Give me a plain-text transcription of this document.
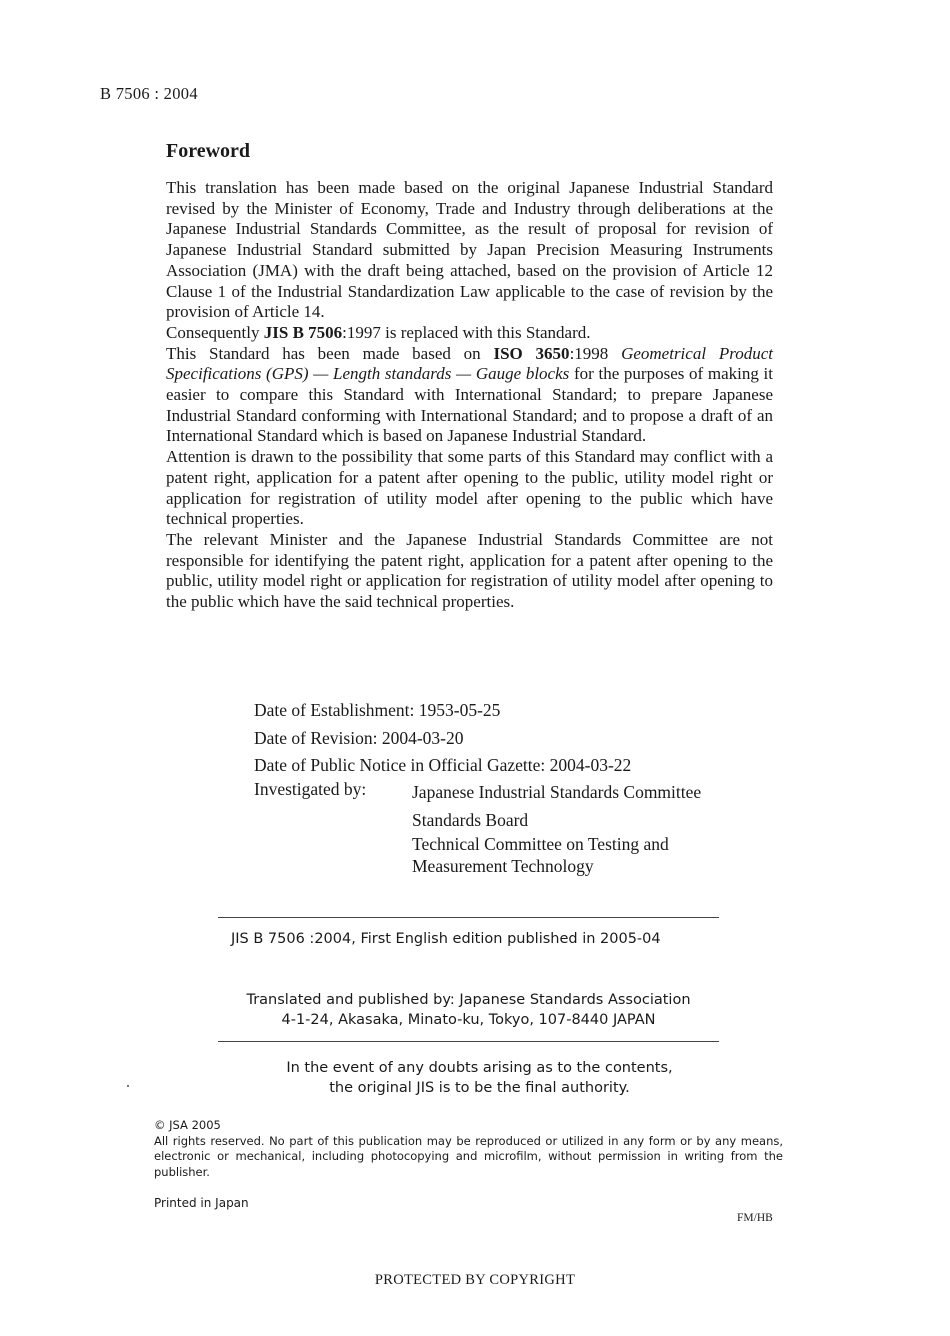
B 7506 : 2004
Foreword

This translation has been made based on the original Japanese Industrial Standard revised by the Minister of Economy, Trade and Industry through deliberations at the Japanese Industrial Standards Committee, as the result of proposal for revision of Japanese Industrial Standard submitted by Japan Precision Measuring Instruments Association (JMA) with the draft being attached, based on the provision of Article 12 Clause 1 of the Industrial Standardization Law applicable to the case of revision by the provision of Article 14.

Consequently JIS B 7506:1997 is replaced with this Standard.

This Standard has been made based on ISO 3650:1998 Geometrical Product Specifications (GPS) — Length standards — Gauge blocks for the purposes of making it easier to compare this Standard with International Standard; to prepare Japanese Industrial Standard conforming with International Standard; and to propose a draft of an International Standard which is based on Japanese Industrial Standard.

Attention is drawn to the possibility that some parts of this Standard may conflict with a patent right, application for a patent after opening to the public, utility model right or application for registration of utility model after opening to the public which have technical properties.

The relevant Minister and the Japanese Industrial Standards Committee are not responsible for identifying the patent right, application for a patent after opening to the public, utility model right or application for registration of utility model after opening to the public which have the said technical properties.

Date of Establishment: 1953-05-25
Date of Revision: 2004-03-20
Date of Public Notice in Official Gazette: 2004-03-22
Investigated by:	Japanese Industrial Standards Committee
Standards Board
Technical Committee on Testing and
Measurement Technology
JIS B 7506 :2004, First English edition published in 2005-04
Translated and published by: Japanese Standards Association
4-1-24, Akasaka, Minato-ku, Tokyo, 107-8440 JAPAN
In the event of any doubts arising as to the contents,
the original JIS is to be the final authority.
© JSA 2005
All rights reserved. No part of this publication may be reproduced or utilized in any form or by any means, electronic or mechanical, including photocopying and microfilm, without permission in writing from the publisher.
Printed in Japan
FM/HB
PROTECTED BY COPYRIGHT
